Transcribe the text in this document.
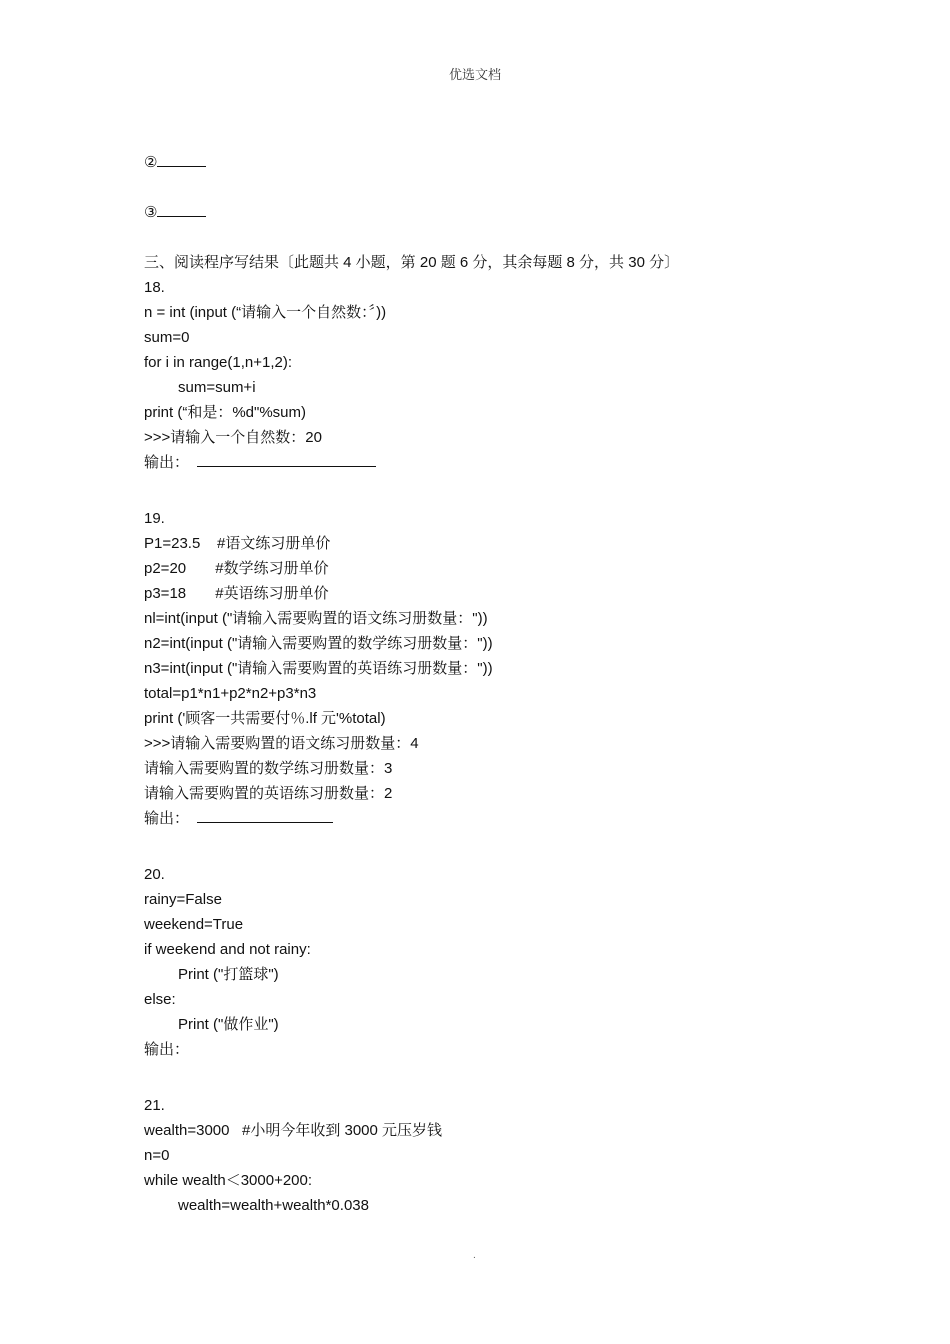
优选文档
②
③
三、阅读程序写结果〔此题共 4 小题，第 20 题 6 分，其余每题 8 分，共 30 分〕
18.
n = int (input (“请输入一个自然数：〞))
sum=0
for i in range(1,n+1,2):
sum=sum+i
print (“和是：%d"%sum)
>>>请输入一个自然数：20
输出：
19.
P1=23.5    #语文练习册单价
p2=20       #数学练习册单价
p3=18       #英语练习册单价
nl=int(input ("请输入需要购置的语文练习册数量："))
n2=int(input ("请输入需要购置的数学练习册数量："))
n3=int(input ("请输入需要购置的英语练习册数量："))
total=p1*n1+p2*n2+p3*n3
print ('顾客一共需要付％.lf 元'%total)
>>>请输入需要购置的语文练习册数量：4
请输入需要购置的数学练习册数量：3
请输入需要购置的英语练习册数量：2
输出：
20.
rainy=False
weekend=True
if weekend and not rainy:
Print ("打篮球")
else:
Print ("做作业")
输出：
21.
wealth=3000   #小明今年收到 3000 元压岁钱
n=0
while wealth＜3000+200:
wealth=wealth+wealth*0.038
.
